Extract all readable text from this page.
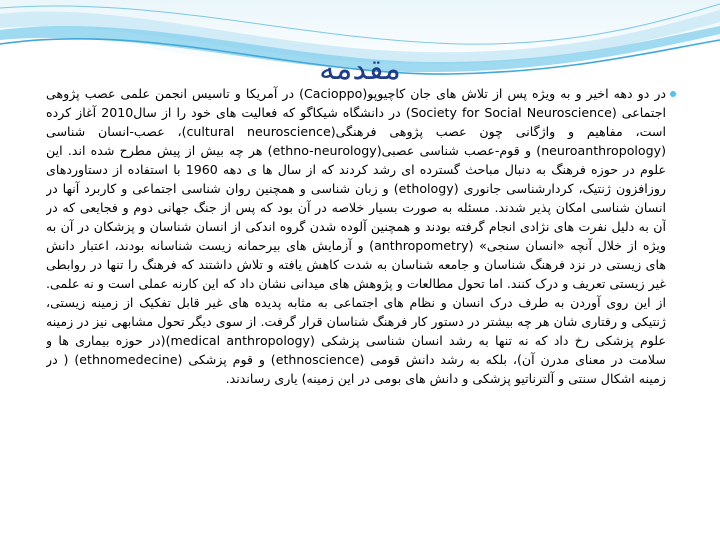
مقدمه

در دو دهه اخیر و به ویژه پس از تلاش های جان کاچیوپو(Cacioppo) در آمریکا و تاسیس انجمن علمی عصب پژوهی اجتماعی (Society for Social Neuroscience) در دانشگاه شیکاگو که فعالیت های خود را از سال2010 آغاز کرده است، مفاهیم و واژگانی چون عصب پژوهی فرهنگی(cultural neuroscience)، عصب-انسان شناسی (neuroanthropology) و قوم-عصب شناسی عصبی(ethno-neurology) هر چه بیش از پیش مطرح شده اند. این علوم در حوزه فرهنگ به دنبال مباحث گسترده ای رشد کردند که از سال ها ی دهه 1960 با استفاده از دستاوردهای روزافزون ژنتیک، کردارشناسی جانوری (ethology) و زبان شناسی و همچنین روان شناسی اجتماعی و کاربرد آنها در انسان شناسی امکان پذیر شدند. مسئله به صورت بسیار خلاصه در آن بود که پس از جنگ جهانی دوم و فجایعی که در آن به دلیل نفرت های نژادی انجام گرفته بودند و همچنین آلوده شدن گروه اندکی از انسان شناسان و پزشکان در آن به ویژه از خلال آنچه «انسان سنجی» (anthropometry) و آزمایش های بیرحمانه زیست شناسانه بودند، اعتبار دانش های زیستی در نزد فرهنگ شناسان و جامعه شناسان به شدت کاهش یافته و تلاش داشتند که فرهنگ را تنها در روابطی غیر زیستی تعریف و درک کنند. اما تحول مطالعات و پژوهش های میدانی نشان داد که این کارنه عملی است و نه علمی. از این روی آوردن به طرف درک انسان و نظام های اجتماعی به مثابه پدیده های غیر قابل تفکیک از زمینه زیستی، ژنتیکی و رفتاری شان هر چه بیشتر در دستور کار فرهنگ شناسان قرار گرفت. از سوی دیگر تحول مشابهی نیز در زمینه علوم پزشکی رخ داد که نه تنها به رشد انسان شناسی پزشکی (medical anthropology)(در حوزه بیماری ها و سلامت در معنای مدرن آن)، بلکه به رشد دانش قومی (ethnoscience) و قوم پزشکی (ethnomedecine) ( در زمینه اشکال سنتی و آلترناتیو پزشکی و دانش های بومی در این زمینه) یاری رساندند.
